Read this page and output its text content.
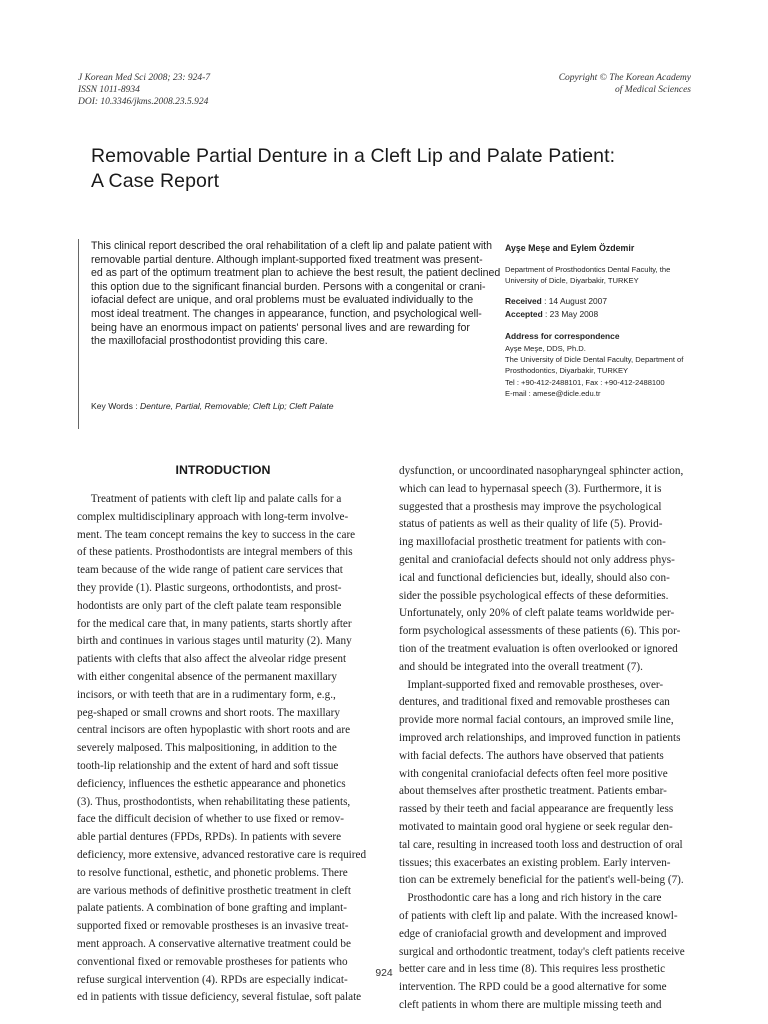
J Korean Med Sci 2008; 23: 924-7
ISSN 1011-8934
DOI: 10.3346/jkms.2008.23.5.924
Copyright © The Korean Academy
of Medical Sciences
Removable Partial Denture in a Cleft Lip and Palate Patient:
A Case Report
This clinical report described the oral rehabilitation of a cleft lip and palate patient with
removable partial denture. Although implant-supported fixed treatment was present-
ed as part of the optimum treatment plan to achieve the best result, the patient declined
this option due to the significant financial burden. Persons with a congenital or crani-
iofacial defect are unique, and oral problems must be evaluated individually to the
most ideal treatment. The changes in appearance, function, and psychological well-
being have an enormous impact on patients' personal lives and are rewarding for
the maxillofacial prosthodontist providing this care.
Key Words : Denture, Partial, Removable; Cleft Lip; Cleft Palate
Ayşe Meşe and Eylem Özdemir
Department of Prosthodontics Dental Faculty, the
University of Dicle, Diyarbakir, TURKEY
Received : 14 August 2007
Accepted : 23 May 2008
Address for correspondence
Ayşe Meşe, DDS, Ph.D.
The University of Dicle Dental Faculty, Department of
Prosthodontics, Diyarbakir, TURKEY
Tel : +90-412-2488101, Fax : +90-412-2488100
E-mail : amese@dicle.edu.tr
INTRODUCTION
Treatment of patients with cleft lip and palate calls for a
complex multidisciplinary approach with long-term involve-
ment. The team concept remains the key to success in the care
of these patients. Prosthodontists are integral members of this
team because of the wide range of patient care services that
they provide (1). Plastic surgeons, orthodontists, and prost-
hodontists are only part of the cleft palate team responsible
for the medical care that, in many patients, starts shortly after
birth and continues in various stages until maturity (2). Many
patients with clefts that also affect the alveolar ridge present
with either congenital absence of the permanent maxillary
incisors, or with teeth that are in a rudimentary form, e.g.,
peg-shaped or small crowns and short roots. The maxillary
central incisors are often hypoplastic with short roots and are
severely malposed. This malpositioning, in addition to the
tooth-lip relationship and the extent of hard and soft tissue
deficiency, influences the esthetic appearance and phonetics
(3). Thus, prosthodontists, when rehabilitating these patients,
face the difficult decision of whether to use fixed or remov-
able partial dentures (FPDs, RPDs). In patients with severe
deficiency, more extensive, advanced restorative care is required
to resolve functional, esthetic, and phonetic problems. There
are various methods of definitive prosthetic treatment in cleft
palate patients. A combination of bone grafting and implant-
supported fixed or removable prostheses is an invasive treat-
ment approach. A conservative alternative treatment could be
conventional fixed or removable prostheses for patients who
refuse surgical intervention (4). RPDs are especially indicat-
ed in patients with tissue deficiency, several fistulae, soft palate
dysfunction, or uncoordinated nasopharyngeal sphincter action,
which can lead to hypernasal speech (3). Furthermore, it is
suggested that a prosthesis may improve the psychological
status of patients as well as their quality of life (5). Provid-
ing maxillofacial prosthetic treatment for patients with con-
genital and craniofacial defects should not only address phys-
ical and functional deficiencies but, ideally, should also con-
sider the possible psychological effects of these deformities.
Unfortunately, only 20% of cleft palate teams worldwide per-
form psychological assessments of these patients (6). This por-
tion of the treatment evaluation is often overlooked or ignored
and should be integrated into the overall treatment (7).
Implant-supported fixed and removable prostheses, over-
dentures, and traditional fixed and removable prostheses can
provide more normal facial contours, an improved smile line,
improved arch relationships, and improved function in patients
with facial defects. The authors have observed that patients
with congenital craniofacial defects often feel more positive
about themselves after prosthetic treatment. Patients embar-
rassed by their teeth and facial appearance are frequently less
motivated to maintain good oral hygiene or seek regular den-
tal care, resulting in increased tooth loss and destruction of oral
tissues; this exacerbates an existing problem. Early interven-
tion can be extremely beneficial for the patient's well-being (7).
Prosthodontic care has a long and rich history in the care
of patients with cleft lip and palate. With the increased knowl-
edge of craniofacial growth and development and improved
surgical and orthodontic treatment, today's cleft patients receive
better care and in less time (8). This requires less prosthetic
intervention. The RPD could be a good alternative for some
cleft patients in whom there are multiple missing teeth and
924
